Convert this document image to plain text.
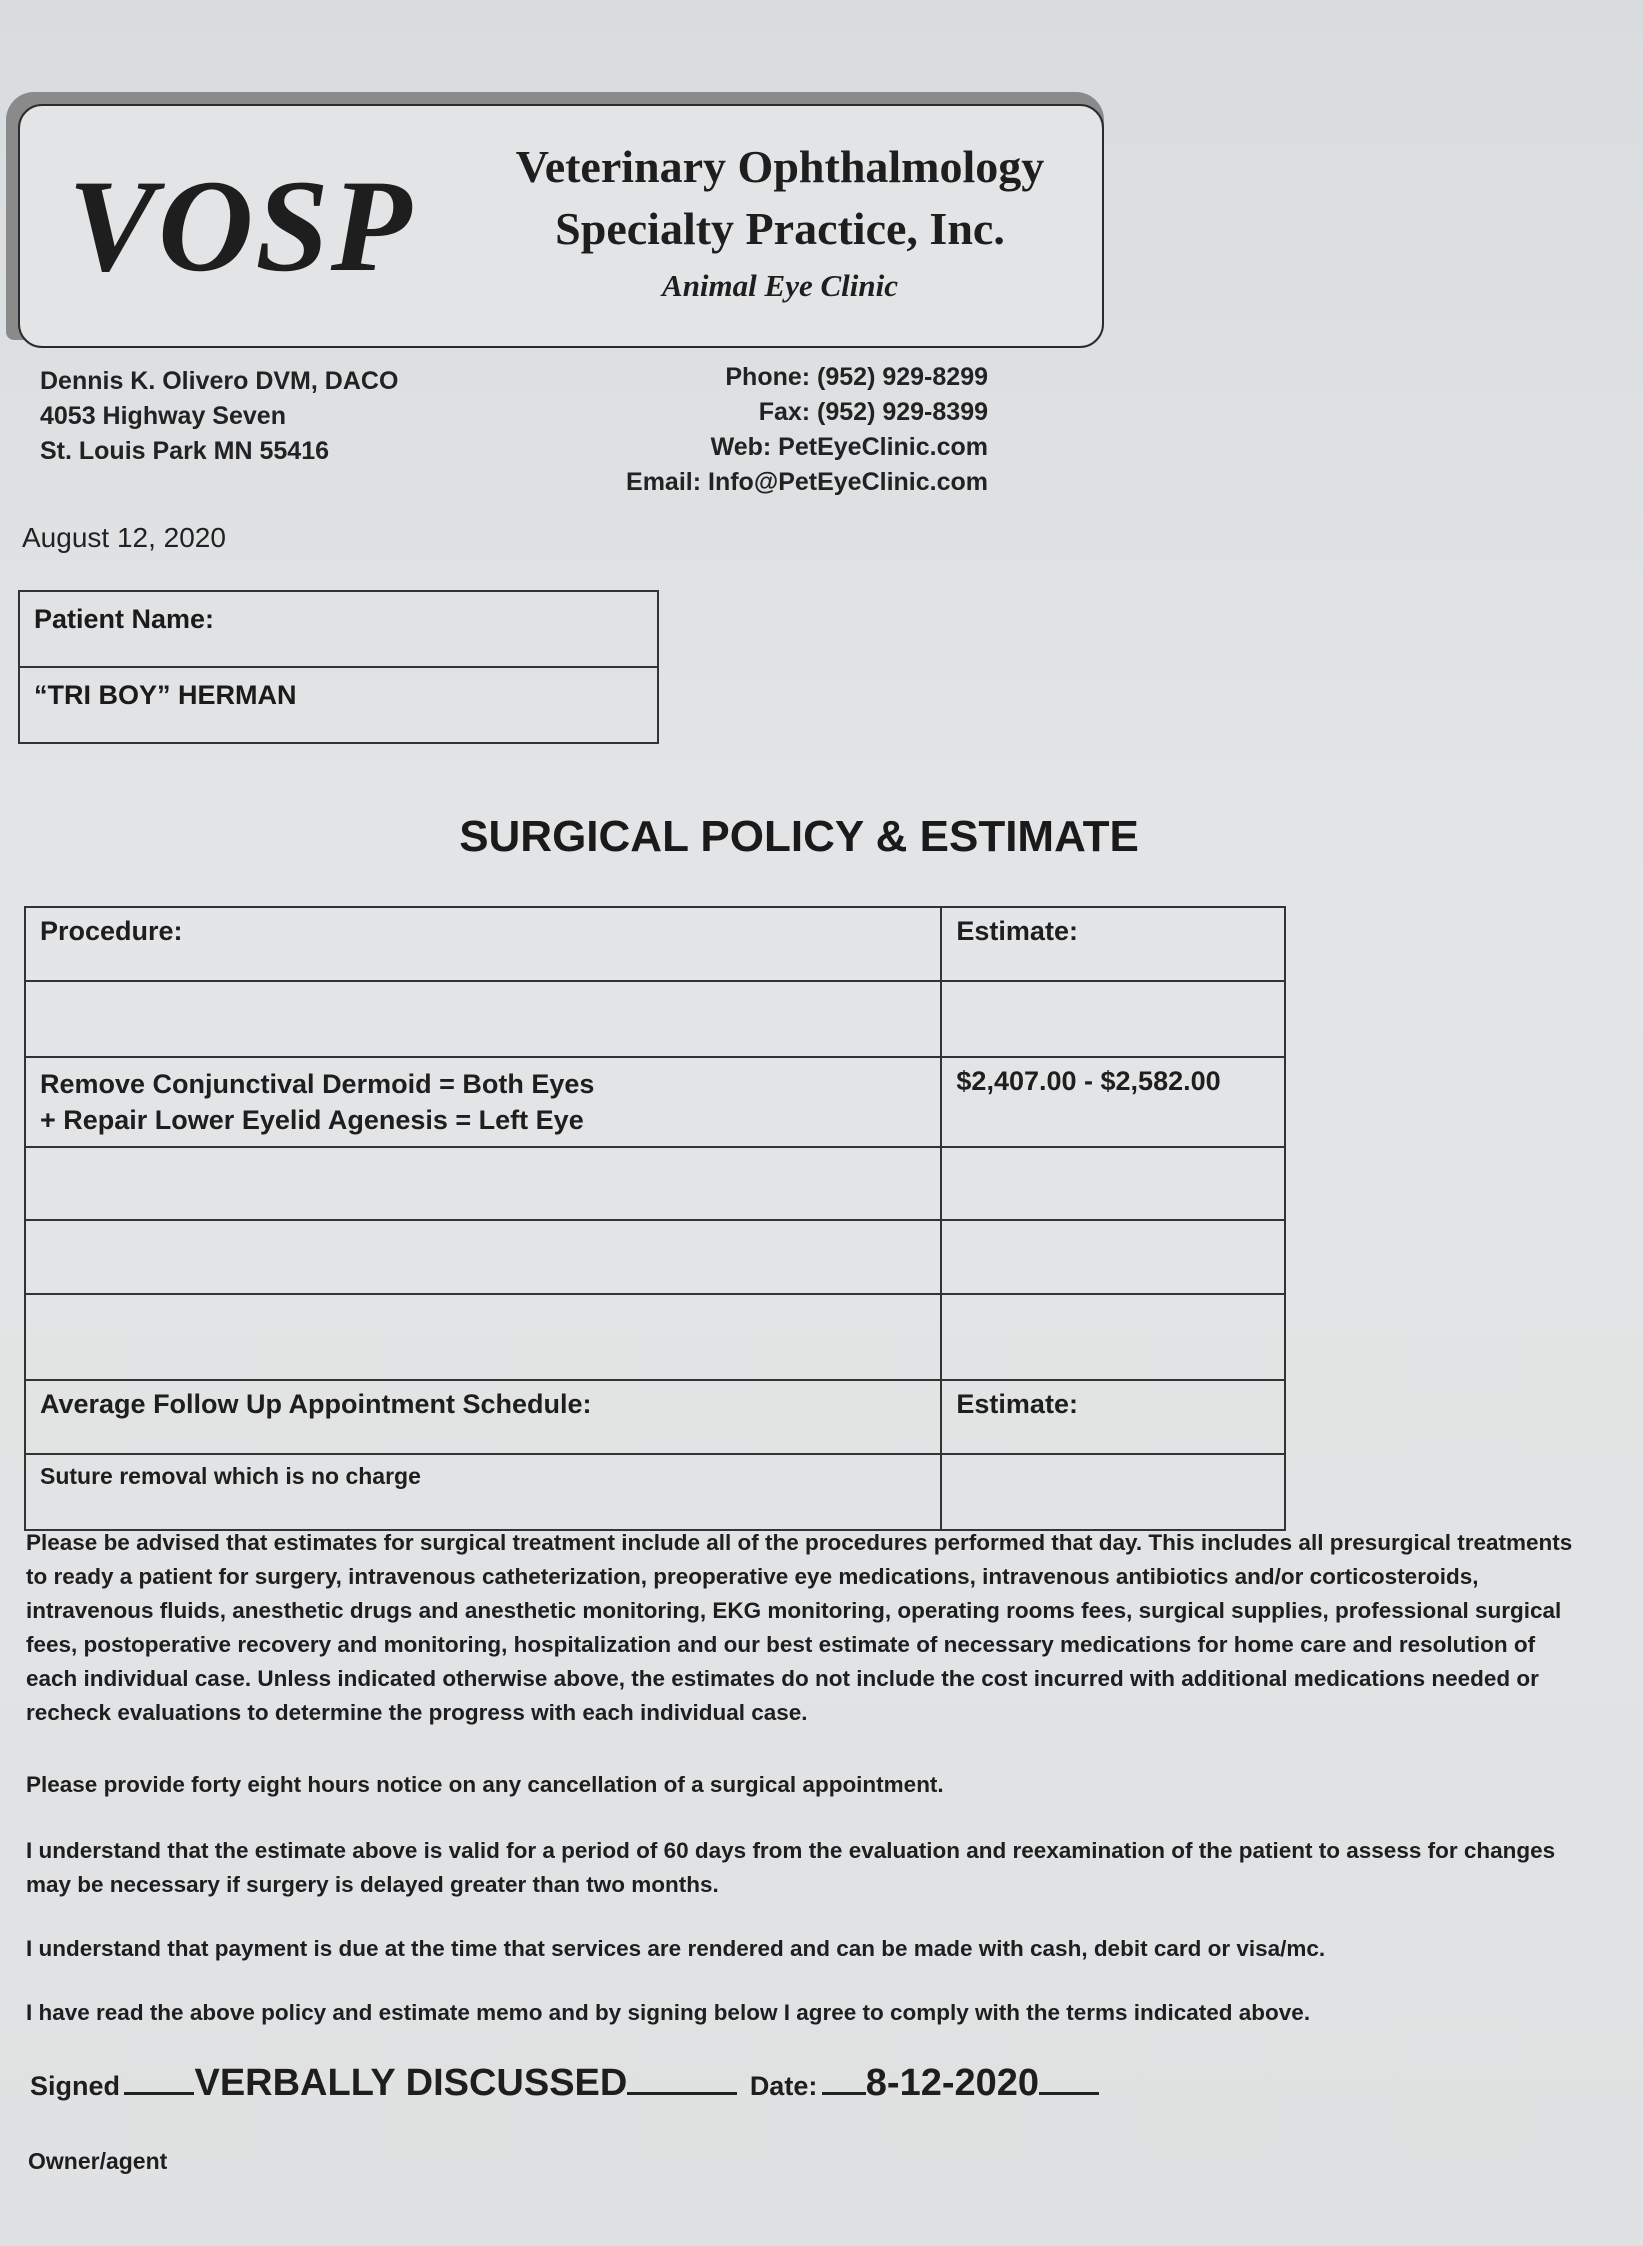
VOSP	Veterinary Ophthalmology
Specialty Practice, Inc.
Animal Eye Clinic
Dennis K. Olivero DVM, DACO
4053 Highway Seven
St. Louis Park MN 55416
Phone: (952) 929-8299
Fax: (952) 929-8399
Web: PetEyeClinic.com
Email: Info@PetEyeClinic.com
August 12, 2020
Patient Name:
“TRI BOY” HERMAN
SURGICAL POLICY & ESTIMATE
Procedure:	Estimate:

Remove Conjunctival Dermoid = Both Eyes
+ Repair Lower Eyelid Agenesis = Left Eye	$2,407.00 - $2,582.00

Average Follow Up Appointment Schedule:	Estimate:
Suture removal which is no charge	
Please be advised that estimates for surgical treatment include all of the procedures performed that day. This includes all presurgical treatments to ready a patient for surgery, intravenous catheterization, preoperative eye medications, intravenous antibiotics and/or corticosteroids, intravenous fluids, anesthetic drugs and anesthetic monitoring, EKG monitoring, operating rooms fees, surgical supplies, professional surgical fees, postoperative recovery and monitoring, hospitalization and our best estimate of necessary medications for home care and resolution of each individual case. Unless indicated otherwise above, the estimates do not include the cost incurred with additional medications needed or recheck evaluations to determine the progress with each individual case.
Please provide forty eight hours notice on any cancellation of a surgical appointment.
I understand that the estimate above is valid for a period of 60 days from the evaluation and reexamination of the patient to assess for changes may be necessary if surgery is delayed greater than two months.
I understand that payment is due at the time that services are rendered and can be made with cash, debit card or visa/mc.
I have read the above policy and estimate memo and by signing below I agree to comply with the terms indicated above.
Signed VERBALLY DISCUSSED	Date: 8-12-2020
Owner/agent
